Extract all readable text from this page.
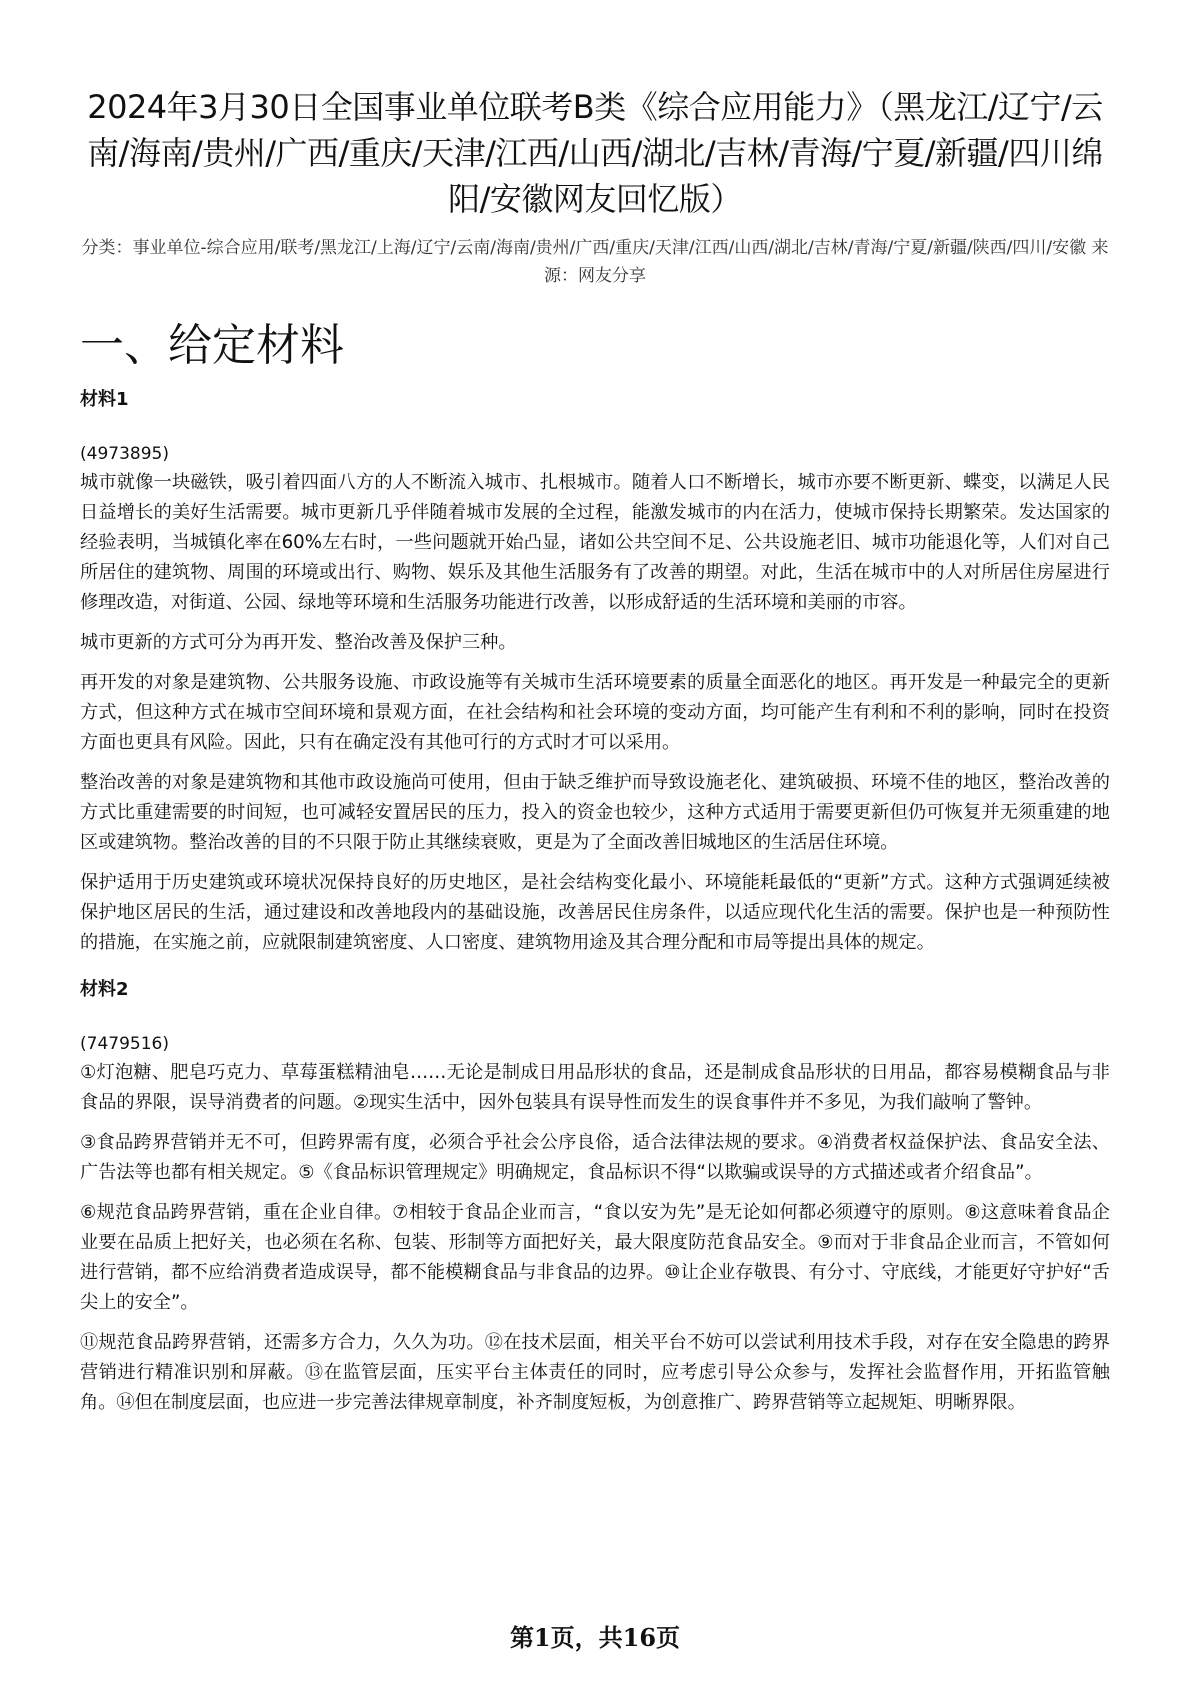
2024年3月30日全国事业单位联考B类《综合应用能力》（黑龙江/辽宁/云南/海南/贵州/广西/重庆/天津/江西/山西/湖北/吉林/青海/宁夏/新疆/四川绵阳/安徽网友回忆版）
分类：事业单位-综合应用/联考/黑龙江/上海/辽宁/云南/海南/贵州/广西/重庆/天津/江西/山西/湖北/吉林/青海/宁夏/新疆/陕西/四川/安徽 来源：网友分享
一、给定材料
材料1
(4973895)

城市就像一块磁铁，吸引着四面八方的人不断流入城市、扎根城市。随着人口不断增长，城市亦要不断更新、蝶变，以满足人民日益增长的美好生活需要。城市更新几乎伴随着城市发展的全过程，能激发城市的内在活力，使城市保持长期繁荣。发达国家的经验表明，当城镇化率在60%左右时，一些问题就开始凸显，诸如公共空间不足、公共设施老旧、城市功能退化等，人们对自己所居住的建筑物、周围的环境或出行、购物、娱乐及其他生活服务有了改善的期望。对此，生活在城市中的人对所居住房屋进行修理改造，对街道、公园、绿地等环境和生活服务功能进行改善，以形成舒适的生活环境和美丽的市容。

城市更新的方式可分为再开发、整治改善及保护三种。

再开发的对象是建筑物、公共服务设施、市政设施等有关城市生活环境要素的质量全面恶化的地区。再开发是一种最完全的更新方式，但这种方式在城市空间环境和景观方面，在社会结构和社会环境的变动方面，均可能产生有利和不利的影响，同时在投资方面也更具有风险。因此，只有在确定没有其他可行的方式时才可以采用。

整治改善的对象是建筑物和其他市政设施尚可使用，但由于缺乏维护而导致设施老化、建筑破损、环境不佳的地区，整治改善的方式比重建需要的时间短，也可减轻安置居民的压力，投入的资金也较少，这种方式适用于需要更新但仍可恢复并无须重建的地区或建筑物。整治改善的目的不只限于防止其继续衰败，更是为了全面改善旧城地区的生活居住环境。

保护适用于历史建筑或环境状况保持良好的历史地区，是社会结构变化最小、环境能耗最低的“更新”方式。这种方式强调延续被保护地区居民的生活，通过建设和改善地段内的基础设施，改善居民住房条件，以适应现代化生活的需要。保护也是一种预防性的措施，在实施之前，应就限制建筑密度、人口密度、建筑物用途及其合理分配和市局等提出具体的规定。

材料2
(7479516)

①灯泡糖、肥皂巧克力、草莓蛋糕精油皂……无论是制成日用品形状的食品，还是制成食品形状的日用品，都容易模糊食品与非食品的界限，误导消费者的问题。②现实生活中，因外包装具有误导性而发生的误食事件并不多见，为我们敲响了警钟。

③食品跨界营销并无不可，但跨界需有度，必须合乎社会公序良俗，适合法律法规的要求。④消费者权益保护法、食品安全法、广告法等也都有相关规定。⑤《食品标识管理规定》明确规定，食品标识不得“以欺骗或误导的方式描述或者介绍食品”。

⑥规范食品跨界营销，重在企业自律。⑦相较于食品企业而言，“食以安为先”是无论如何都必须遵守的原则。⑧这意味着食品企业要在品质上把好关，也必须在名称、包装、形制等方面把好关，最大限度防范食品安全。⑨而对于非食品企业而言，不管如何进行营销，都不应给消费者造成误导，都不能模糊食品与非食品的边界。⑩让企业存敬畏、有分寸、守底线，才能更好守护好“舌尖上的安全”。

⑪规范食品跨界营销，还需多方合力，久久为功。⑫在技术层面，相关平台不妨可以尝试利用技术手段，对存在安全隐患的跨界营销进行精准识别和屏蔽。⑬在监管层面，压实平台主体责任的同时，应考虑引导公众参与，发挥社会监督作用，开拓监管触角。⑭但在制度层面，也应进一步完善法律规章制度，补齐制度短板，为创意推广、跨界营销等立起规矩、明晰界限。

第1页，共16页
